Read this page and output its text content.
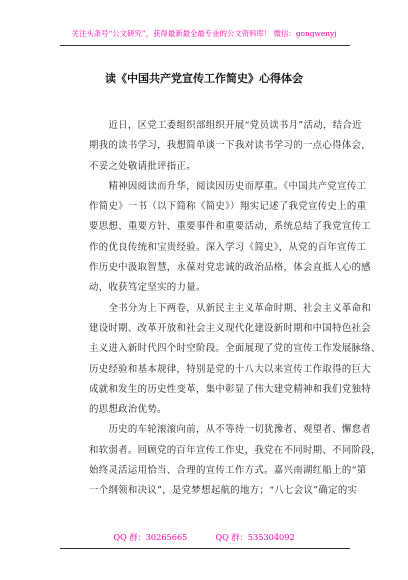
关注头条号“公文研究”，获得最新最全最专业的公文资料库！ 微信：gongwenyj
读《中国共产党宣传工作简史》心得体会
　　近日，区党工委组织部组织开展“党员读书月”活动，结合近
期我的读书学习，我想简单谈一下我对读书学习的一点心得体会，
不妥之处敬请批评指正。
　　精神因阅读而升华，阅读因历史而厚重。《中国共产党宣传工
作简史》一书（以下简称《简史》）翔实记述了我党宣传史上的重
要思想、重要方针、重要事件和重要活动，系统总结了我党宣传工
作的优良传统和宝贵经验。深入学习《简史》，从党的百年宣传工
作历史中汲取智慧，永葆对党忠诚的政治品格，体会直抵人心的感
动，收获笃定坚实的力量。
　　全书分为上下两卷，从新民主主义革命时期、社会主义革命和
建设时期、改革开放和社会主义现代化建设新时期和中国特色社会
主义进入新时代四个时空阶段。全面展现了党的宣传工作发展脉络、
历史经验和基本规律，特别是党的十八大以来宣传工作取得的巨大
成就和发生的历史性变革，集中彰显了伟大建党精神和我们党独特
的思想政治优势。
　　历史的车轮滚滚向前，从不等待一切犹豫者、观望者、懈怠者
和软弱者。回顾党的百年宣传工作史，我党在不同时期、不同阶段，
始终灵活运用恰当、合理的宣传工作方式。嘉兴南湖红船上的“第
一个纲领和决议”，是党梦想起航的地方；“八七会议”确定的实
QQ 群：30265665	QQ 群：535304092
